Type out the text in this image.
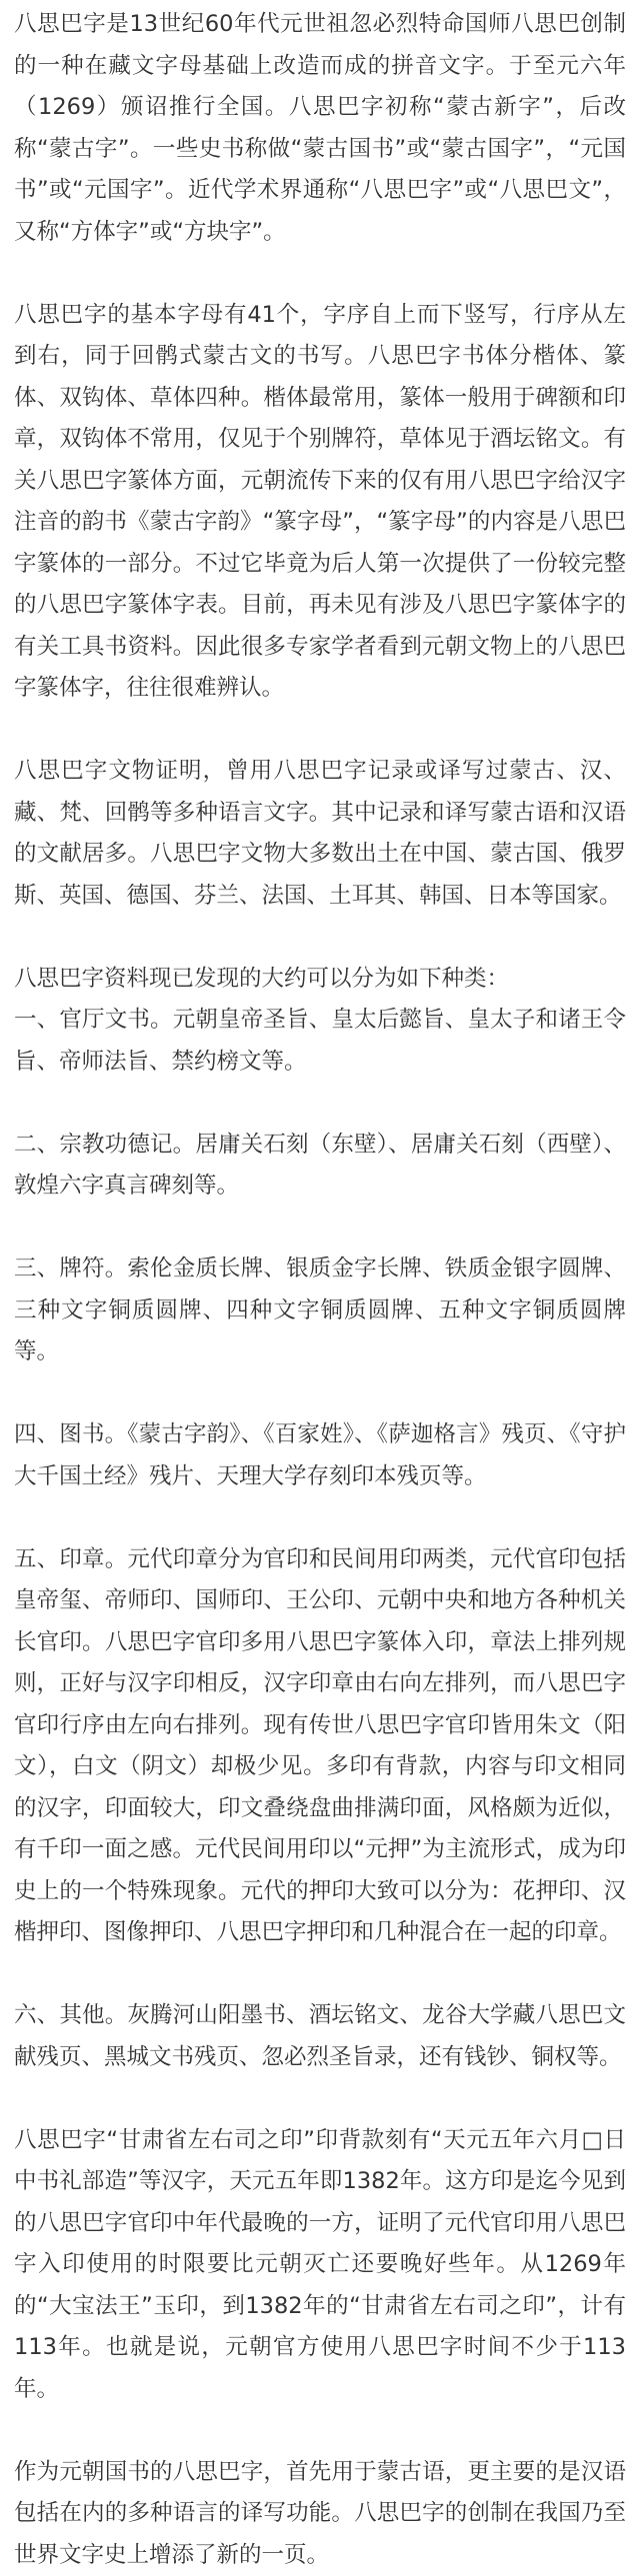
八思巴字是13世纪60年代元世祖忽必烈特命国师八思巴创制的一种在藏文字母基础上改造而成的拼音文字。于至元六年（1269）颁诏推行全国。八思巴字初称“蒙古新字”，后改称“蒙古字”。一些史书称做“蒙古国书”或“蒙古国字”，“元国书”或“元国字”。近代学术界通称“八思巴字”或“八思巴文”，又称“方体字”或“方块字”。

八思巴字的基本字母有41个，字序自上而下竖写，行序从左到右，同于回鹘式蒙古文的书写。八思巴字书体分楷体、篆体、双钩体、草体四种。楷体最常用，篆体一般用于碑额和印章，双钩体不常用，仅见于个别牌符，草体见于酒坛铭文。有关八思巴字篆体方面，元朝流传下来的仅有用八思巴字给汉字注音的韵书《蒙古字韵》“篆字母”，“篆字母”的内容是八思巴字篆体的一部分。不过它毕竟为后人第一次提供了一份较完整的八思巴字篆体字表。目前，再未见有涉及八思巴字篆体字的有关工具书资料。因此很多专家学者看到元朝文物上的八思巴字篆体字，往往很难辨认。

八思巴字文物证明，曾用八思巴字记录或译写过蒙古、汉、藏、梵、回鹘等多种语言文字。其中记录和译写蒙古语和汉语的文献居多。八思巴字文物大多数出土在中国、蒙古国、俄罗斯、英国、德国、芬兰、法国、土耳其、韩国、日本等国家。

八思巴字资料现已发现的大约可以分为如下种类：
一、官厅文书。元朝皇帝圣旨、皇太后懿旨、皇太子和诸王令旨、帝师法旨、禁约榜文等。

二、宗教功德记。居庸关石刻（东壁）、居庸关石刻（西壁）、敦煌六字真言碑刻等。

三、牌符。索伦金质长牌、银质金字长牌、铁质金银字圆牌、三种文字铜质圆牌、四种文字铜质圆牌、五种文字铜质圆牌等。

四、图书。《蒙古字韵》、《百家姓》、《萨迦格言》残页、《守护大千国土经》残片、天理大学存刻印本残页等。

五、印章。元代印章分为官印和民间用印两类，元代官印包括皇帝玺、帝师印、国师印、王公印、元朝中央和地方各种机关长官印。八思巴字官印多用八思巴字篆体入印，章法上排列规则，正好与汉字印相反，汉字印章由右向左排列，而八思巴字官印行序由左向右排列。现有传世八思巴字官印皆用朱文（阳文），白文（阴文）却极少见。多印有背款，内容与印文相同的汉字，印面较大，印文叠绕盘曲排满印面，风格颇为近似，有千印一面之感。元代民间用印以“元押”为主流形式，成为印史上的一个特殊现象。元代的押印大致可以分为：花押印、汉楷押印、图像押印、八思巴字押印和几种混合在一起的印章。

六、其他。灰腾河山阳墨书、酒坛铭文、龙谷大学藏八思巴文献残页、黑城文书残页、忽必烈圣旨录，还有钱钞、铜权等。

八思巴字“甘肃省左右司之印”印背款刻有“天元五年六月□日中书礼部造”等汉字，天元五年即1382年。这方印是迄今见到的八思巴字官印中年代最晚的一方，证明了元代官印用八思巴字入印使用的时限要比元朝灭亡还要晚好些年。从1269年的“大宝法王”玉印，到1382年的“甘肃省左右司之印”，计有113年。也就是说，元朝官方使用八思巴字时间不少于113年。

作为元朝国书的八思巴字，首先用于蒙古语，更主要的是汉语包括在内的多种语言的译写功能。八思巴字的创制在我国乃至世界文字史上增添了新的一页。
